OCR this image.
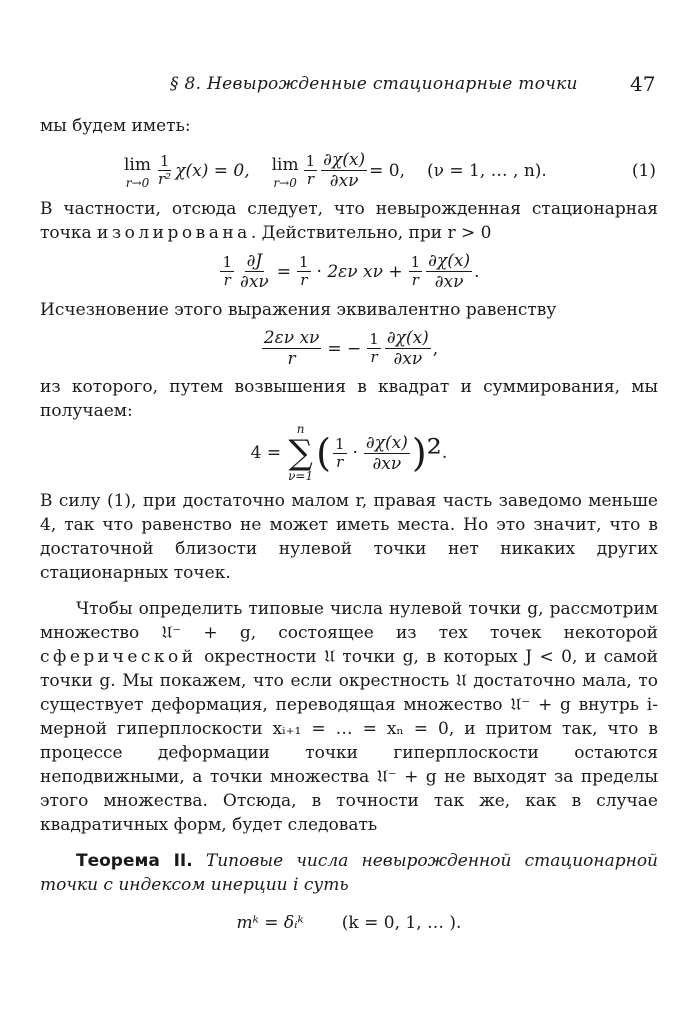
§ 8. Невырожденные стационарные точки	47

мы будем иметь:

lim
$r\to 0 \frac{1}{\text{r²}} \chi(x) = 0$, lim
$r\to 0 \frac{1}{r} \frac{\partial\chi(x)}{\partial x\nu} = 0$, (ν = 1, … , n).	(1)

В частности, отсюда следует, что невырожденная стационарная точка изолирована. Действительно, при r > 0

$\frac{1}{r} \frac{\partial J}{\partial x\nu} = \frac{1}{r} \cdot 2\varepsilon\nu$ $x\nu + \frac{1}{r} \frac{\partial\chi(x)}{\partial x\nu}$ .

Исчезновение этого выражения эквивалентно равенству

$\frac{\text{2εν xν}}{r}$ = − $\frac{1}{r} \frac{\partial\chi(x)}{\partial x\nu}$ ,

из которого, путем возвышения в квадрат и суммирования, мы получаем:

4 =
n
∑
ν=1
( $\frac{1}{r} \cdot \frac{\partial\chi(x)}{\partial x\nu} )^2$ .

В силу (1), при достаточно малом r, правая часть заведомо меньше 4, так что равенство не может иметь места. Но это значит, что в достаточной близости нулевой точки нет никаких других стационарных точек.

Чтобы определить типовые числа нулевой точки g, рассмотрим множество 𝔘⁻ + g, состоящее из тех точек некоторой сферической окрестности 𝔘 точки g, в которых J < 0, и самой точки g. Мы покажем, что если окрестность 𝔘 достаточно мала, то существует деформация, переводящая множество 𝔘⁻ + g внутрь i-мерной гиперплоскости xᵢ₊₁ = … = xₙ = 0, и притом так, что в процессе деформации точки гиперплоскости остаются неподвижными, а точки множества 𝔘⁻ + g не выходят за пределы этого множества. Отсюда, в точности так же, как в случае квадратичных форм, будет следовать

Теорема II. Типовые числа невырожденной стационарной точки с индексом инерции i суть

mᵏ = δᵢᵏ (k = 0, 1, … ).
